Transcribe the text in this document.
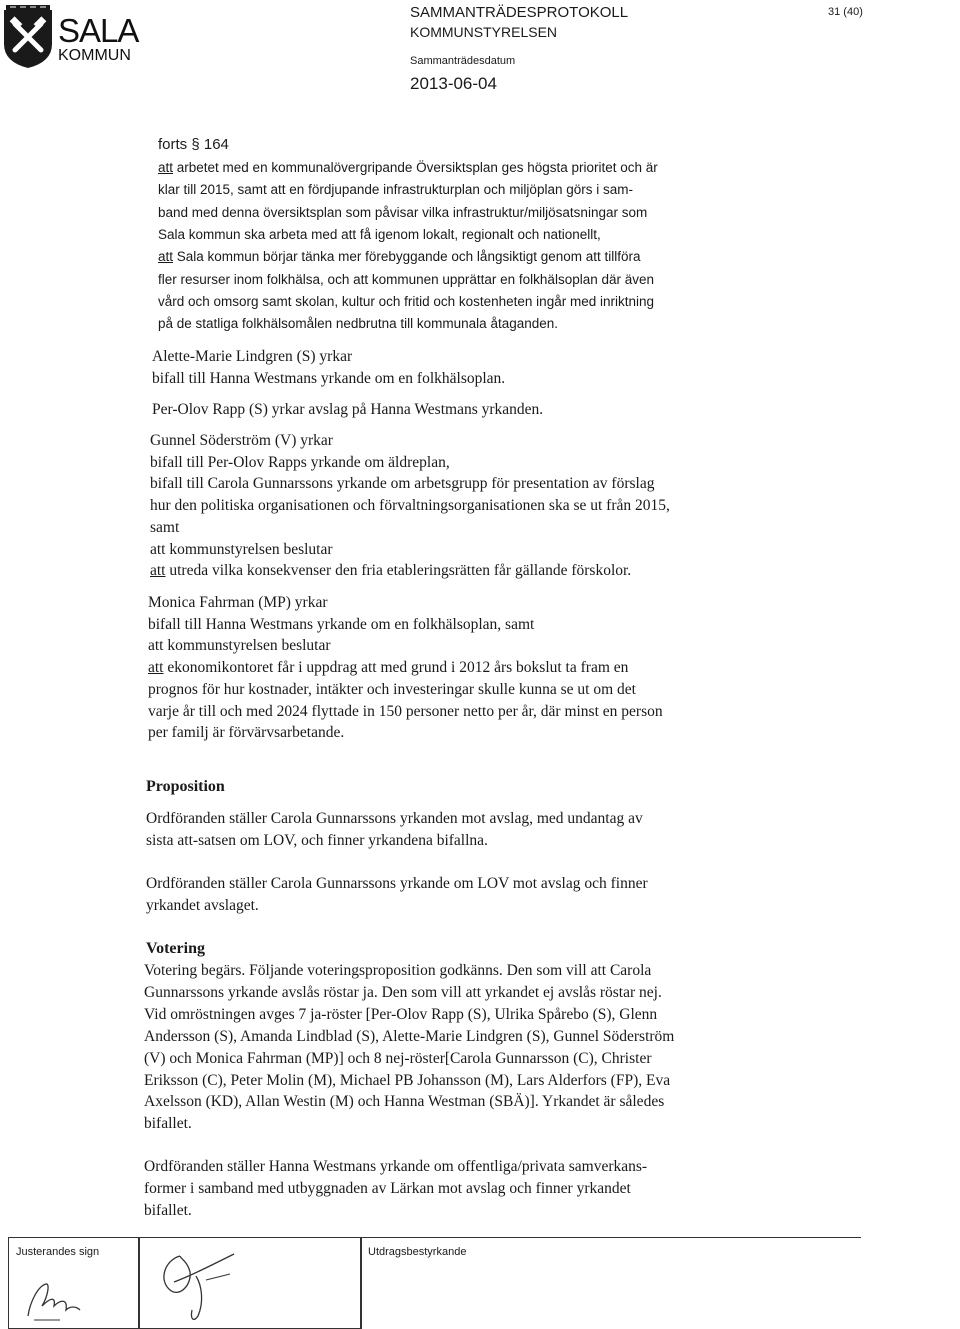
SALA
KOMMUN
SAMMANTRÄDESPROTOKOLL
KOMMUNSTYRELSEN
Sammanträdesdatum
2013-06-04
31 (40)
forts § 164
att arbetet med en kommunalövergripande Översiktsplan ges högsta prioritet och är
klar till 2015, samt att en fördjupande infrastrukturplan och miljöplan görs i sam-
band med denna översiktsplan som påvisar vilka infrastruktur/miljösatsningar som
Sala kommun ska arbeta med att få igenom lokalt, regionalt och nationellt,
att Sala kommun börjar tänka mer förebyggande och långsiktigt genom att tillföra
fler resurser inom folkhälsa, och att kommunen upprättar en folkhälsoplan där även
vård och omsorg samt skolan, kultur och fritid och kostenheten ingår med inriktning
på de statliga folkhälsomålen nedbrutna till kommunala åtaganden.
Alette-Marie Lindgren (S) yrkar
bifall till Hanna Westmans yrkande om en folkhälsoplan.
Per-Olov Rapp (S) yrkar avslag på Hanna Westmans yrkanden.
Gunnel Söderström (V) yrkar
bifall till Per-Olov Rapps yrkande om äldreplan,
bifall till Carola Gunnarssons yrkande om arbetsgrupp för presentation av förslag
hur den politiska organisationen och förvaltningsorganisationen ska se ut från 2015,
samt
att kommunstyrelsen beslutar
att utreda vilka konsekvenser den fria etableringsrätten får gällande förskolor.
Monica Fahrman (MP) yrkar
bifall till Hanna Westmans yrkande om en folkhälsoplan, samt
att kommunstyrelsen beslutar
att ekonomikontoret får i uppdrag att med grund i 2012 års bokslut ta fram en
prognos för hur kostnader, intäkter och investeringar skulle kunna se ut om det
varje år till och med 2024 flyttade in 150 personer netto per år, där minst en person
per familj är förvärvsarbetande.
Proposition
Ordföranden ställer Carola Gunnarssons yrkanden mot avslag, med undantag av
sista att-satsen om LOV, och finner yrkandena bifallna.
Ordföranden ställer Carola Gunnarssons yrkande om LOV mot avslag och finner
yrkandet avslaget.
Votering
Votering begärs. Följande voteringsproposition godkänns. Den som vill att Carola
Gunnarssons yrkande avslås röstar ja. Den som vill att yrkandet ej avslås röstar nej.
Vid omröstningen avges 7 ja-röster [Per-Olov Rapp (S), Ulrika Spårebo (S), Glenn
Andersson (S), Amanda Lindblad (S), Alette-Marie Lindgren (S), Gunnel Söderström
(V) och Monica Fahrman (MP)] och 8 nej-röster[Carola Gunnarsson (C), Christer
Eriksson (C), Peter Molin (M), Michael PB Johansson (M), Lars Alderfors (FP), Eva
Axelsson (KD), Allan Westin (M) och Hanna Westman (SBÄ)]. Yrkandet är således
bifallet.
Ordföranden ställer Hanna Westmans yrkande om offentliga/privata samverkans-
former i samband med utbyggnaden av Lärkan mot avslag och finner yrkandet
bifallet.
Justerandes sign	Utdragsbestyrkande
